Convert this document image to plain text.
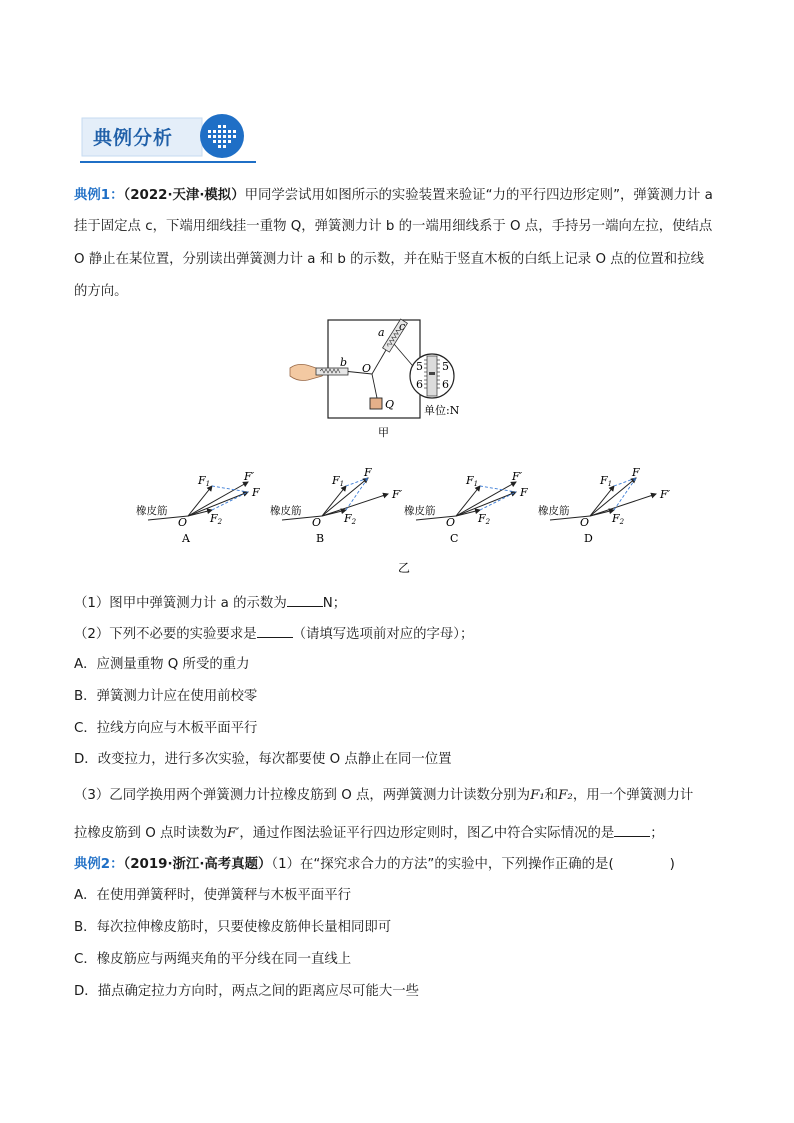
典例分析
典例1：（2022·天津·模拟）甲同学尝试用如图所示的实验装置来验证“力的平行四边形定则”，弹簧测力计 a
挂于固定点 c，下端用细线挂一重物 Q，弹簧测力计 b 的一端用细线系于 O 点，手持另一端向左拉，使结点
O 静止在某位置，分别读出弹簧测力计 a 和 b 的示数，并在贴于竖直木板的白纸上记录 O 点的位置和拉线
的方向。
a c
b O
Q
5 5
6 6
单位:N
甲
乙
橡皮筋
O
F1
F2
F′
F
A
橡皮筋
O
F1
F2
F
F′
B
橡皮筋
O
F1
F2
F′
F
C
橡皮筋
O
F1
F2
F
F′
D
（1）图甲中弹簧测力计 a 的示数为	N；
（2）下列不必要的实验要求是	（请填写选项前对应的字母）；
A．应测量重物 Q 所受的重力
B．弹簧测力计应在使用前校零
C．拉线方向应与木板平面平行
D．改变拉力，进行多次实验，每次都要使 O 点静止在同一位置
（3）乙同学换用两个弹簧测力计拉橡皮筋到 O 点，两弹簧测力计读数分别为F₁和F₂，用一个弹簧测力计
拉橡皮筋到 O 点时读数为F′，通过作图法验证平行四边形定则时，图乙中符合实际情况的是	；
典例2：（2019·浙江·高考真题）（1）在“探究求合力的方法”的实验中，下列操作正确的是(	)
A．在使用弹簧秤时，使弹簧秤与木板平面平行
B．每次拉伸橡皮筋时，只要使橡皮筋伸长量相同即可
C．橡皮筋应与两绳夹角的平分线在同一直线上
D．描点确定拉力方向时，两点之间的距离应尽可能大一些
